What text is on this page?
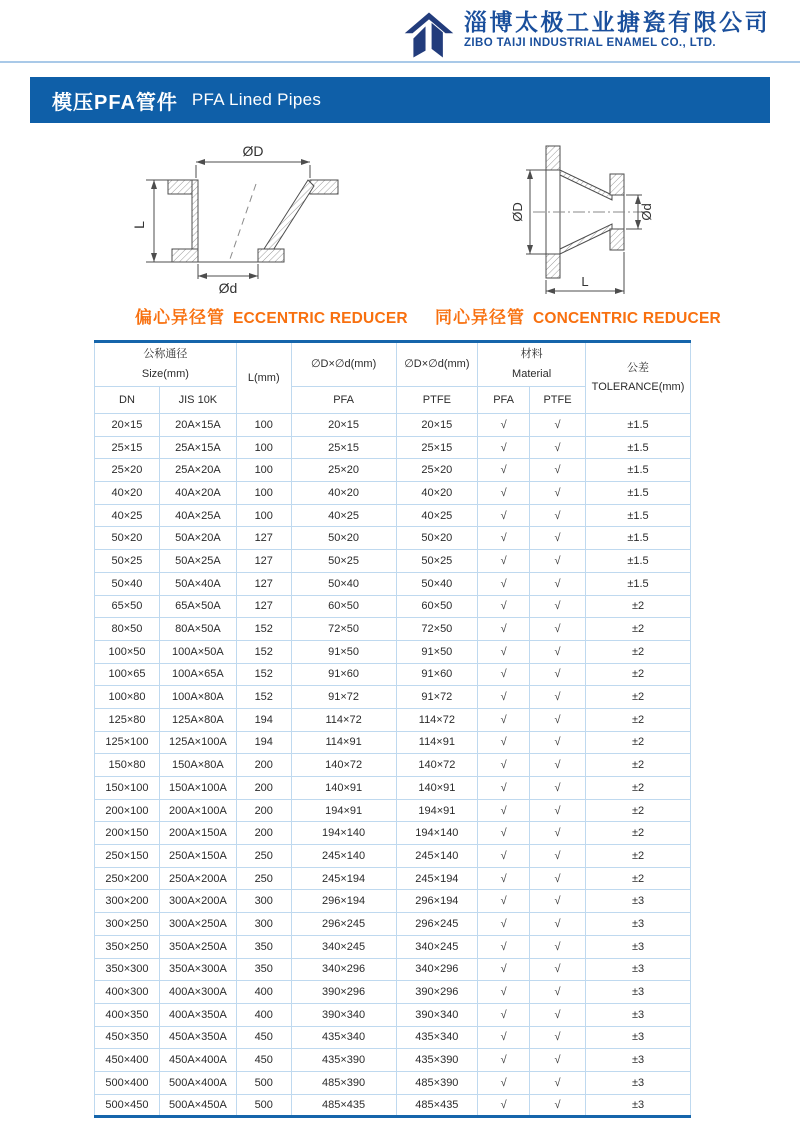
淄博太极工业搪瓷有限公司
ZIBO TAIJI INDUSTRIAL ENAMEL CO., LTD.
模压PFA管件 PFA Lined Pipes
ØD
L
Ød
ØD	Ød
L
偏心异径管 ECCENTRIC REDUCER 同心异径管 CONCENTRIC REDUCER
公称通径
Size(mm)	L(mm)	∅D×∅d(mm)	∅D×∅d(mm)	
材料
Material	公差
TOLERANCE(mm)

DN	JIS 10K		PFA	PTFE	PFA	PTFE	
20×15	20A×15A	100	20×15	20×15	√	√	±1.5
25×15	25A×15A	100	25×15	25×15	√	√	±1.5
25×20	25A×20A	100	25×20	25×20	√	√	±1.5
40×20	40A×20A	100	40×20	40×20	√	√	±1.5
40×25	40A×25A	100	40×25	40×25	√	√	±1.5
50×20	50A×20A	127	50×20	50×20	√	√	±1.5
50×25	50A×25A	127	50×25	50×25	√	√	±1.5
50×40	50A×40A	127	50×40	50×40	√	√	±1.5
65×50	65A×50A	127	60×50	60×50	√	√	±2
80×50	80A×50A	152	72×50	72×50	√	√	±2
100×50	100A×50A	152	91×50	91×50	√	√	±2
100×65	100A×65A	152	91×60	91×60	√	√	±2
100×80	100A×80A	152	91×72	91×72	√	√	±2
125×80	125A×80A	194	114×72	114×72	√	√	±2
125×100	125A×100A	194	114×91	114×91	√	√	±2
150×80	150A×80A	200	140×72	140×72	√	√	±2
150×100	150A×100A	200	140×91	140×91	√	√	±2
200×100	200A×100A	200	194×91	194×91	√	√	±2
200×150	200A×150A	200	194×140	194×140	√	√	±2
250×150	250A×150A	250	245×140	245×140	√	√	±2
250×200	250A×200A	250	245×194	245×194	√	√	±2
300×200	300A×200A	300	296×194	296×194	√	√	±3
300×250	300A×250A	300	296×245	296×245	√	√	±3
350×250	350A×250A	350	340×245	340×245	√	√	±3
350×300	350A×300A	350	340×296	340×296	√	√	±3
400×300	400A×300A	400	390×296	390×296	√	√	±3
400×350	400A×350A	400	390×340	390×340	√	√	±3
450×350	450A×350A	450	435×340	435×340	√	√	±3
450×400	450A×400A	450	435×390	435×390	√	√	±3
500×400	500A×400A	500	485×390	485×390	√	√	±3
500×450	500A×450A	500	485×435	485×435	√	√	±3
